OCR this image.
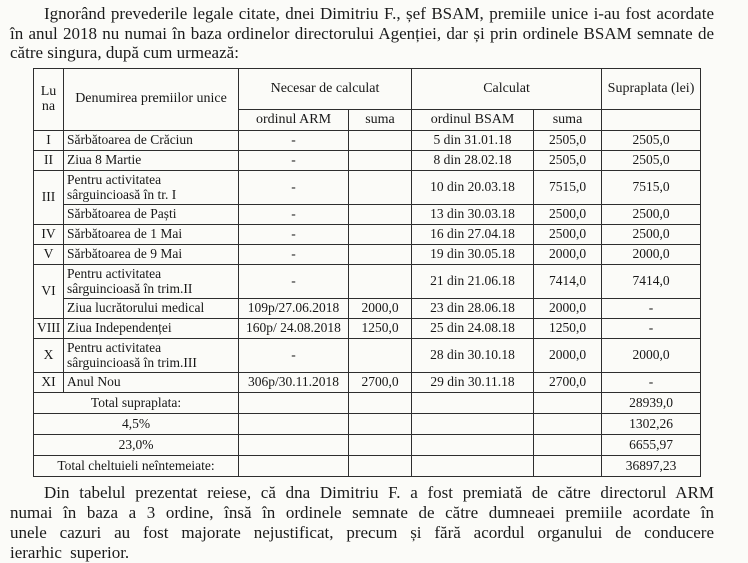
Ignorând prevederile legale citate, dnei Dimitriu F., șef BSAM, premiile unice i-au fost acordate în anul 2018 nu numai în baza ordinelor directorului Agenției, dar și prin ordinele BSAM semnate de către singura, după cum urmează:

Lu na	Denumirea premiilor unice	Necesar de calculat		Calculat		Supraplata (lei)
		ordinul ARM	suma	ordinul BSAM	suma	
I	Sărbătoarea de Crăciun	-		5 din 31.01.18	2505,0	2505,0
II	Ziua 8 Martie	-		8 din 28.02.18	2505,0	2505,0
III	Pentru activitatea sârguincioasă în tr. I	-		10 din 20.03.18	7515,0	7515,0
	Sărbătoarea de Paști	-		13 din 30.03.18	2500,0	2500,0
IV	Sărbătoarea de 1 Mai	-		16 din 27.04.18	2500,0	2500,0
V	Sărbătoarea de 9 Mai	-		19 din 30.05.18	2000,0	2000,0
VI	Pentru activitatea sârguincioasă în trim.II	-		21 din 21.06.18	7414,0	7414,0
	Ziua lucrătorului medical	109p/27.06.2018	2000,0	23 din 28.06.18	2000,0	-
VIII	Ziua Independenței	160p/ 24.08.2018	1250,0	25 din 24.08.18	1250,0	-
X	Pentru activitatea sârguincioasă în trim.III	-		28 din 30.10.18	2000,0	2000,0
XI	Anul Nou	306p/30.11.2018	2700,0	29 din 30.11.18	2700,0	-
Total supraplata:						28939,0
4,5%						1302,26
23,0%						6655,97
Total cheltuieli neîntemeiate:						36897,23

Din tabelul prezentat reiese, că dna Dimitriu F. a fost premiată de către directorul ARM numai în baza a 3 ordine, însă în ordinele semnate de către dumneaei premiile acordate în unele cazuri au fost majorate nejustificat, precum și fără acordul organului de conducere ierarhic superior.
